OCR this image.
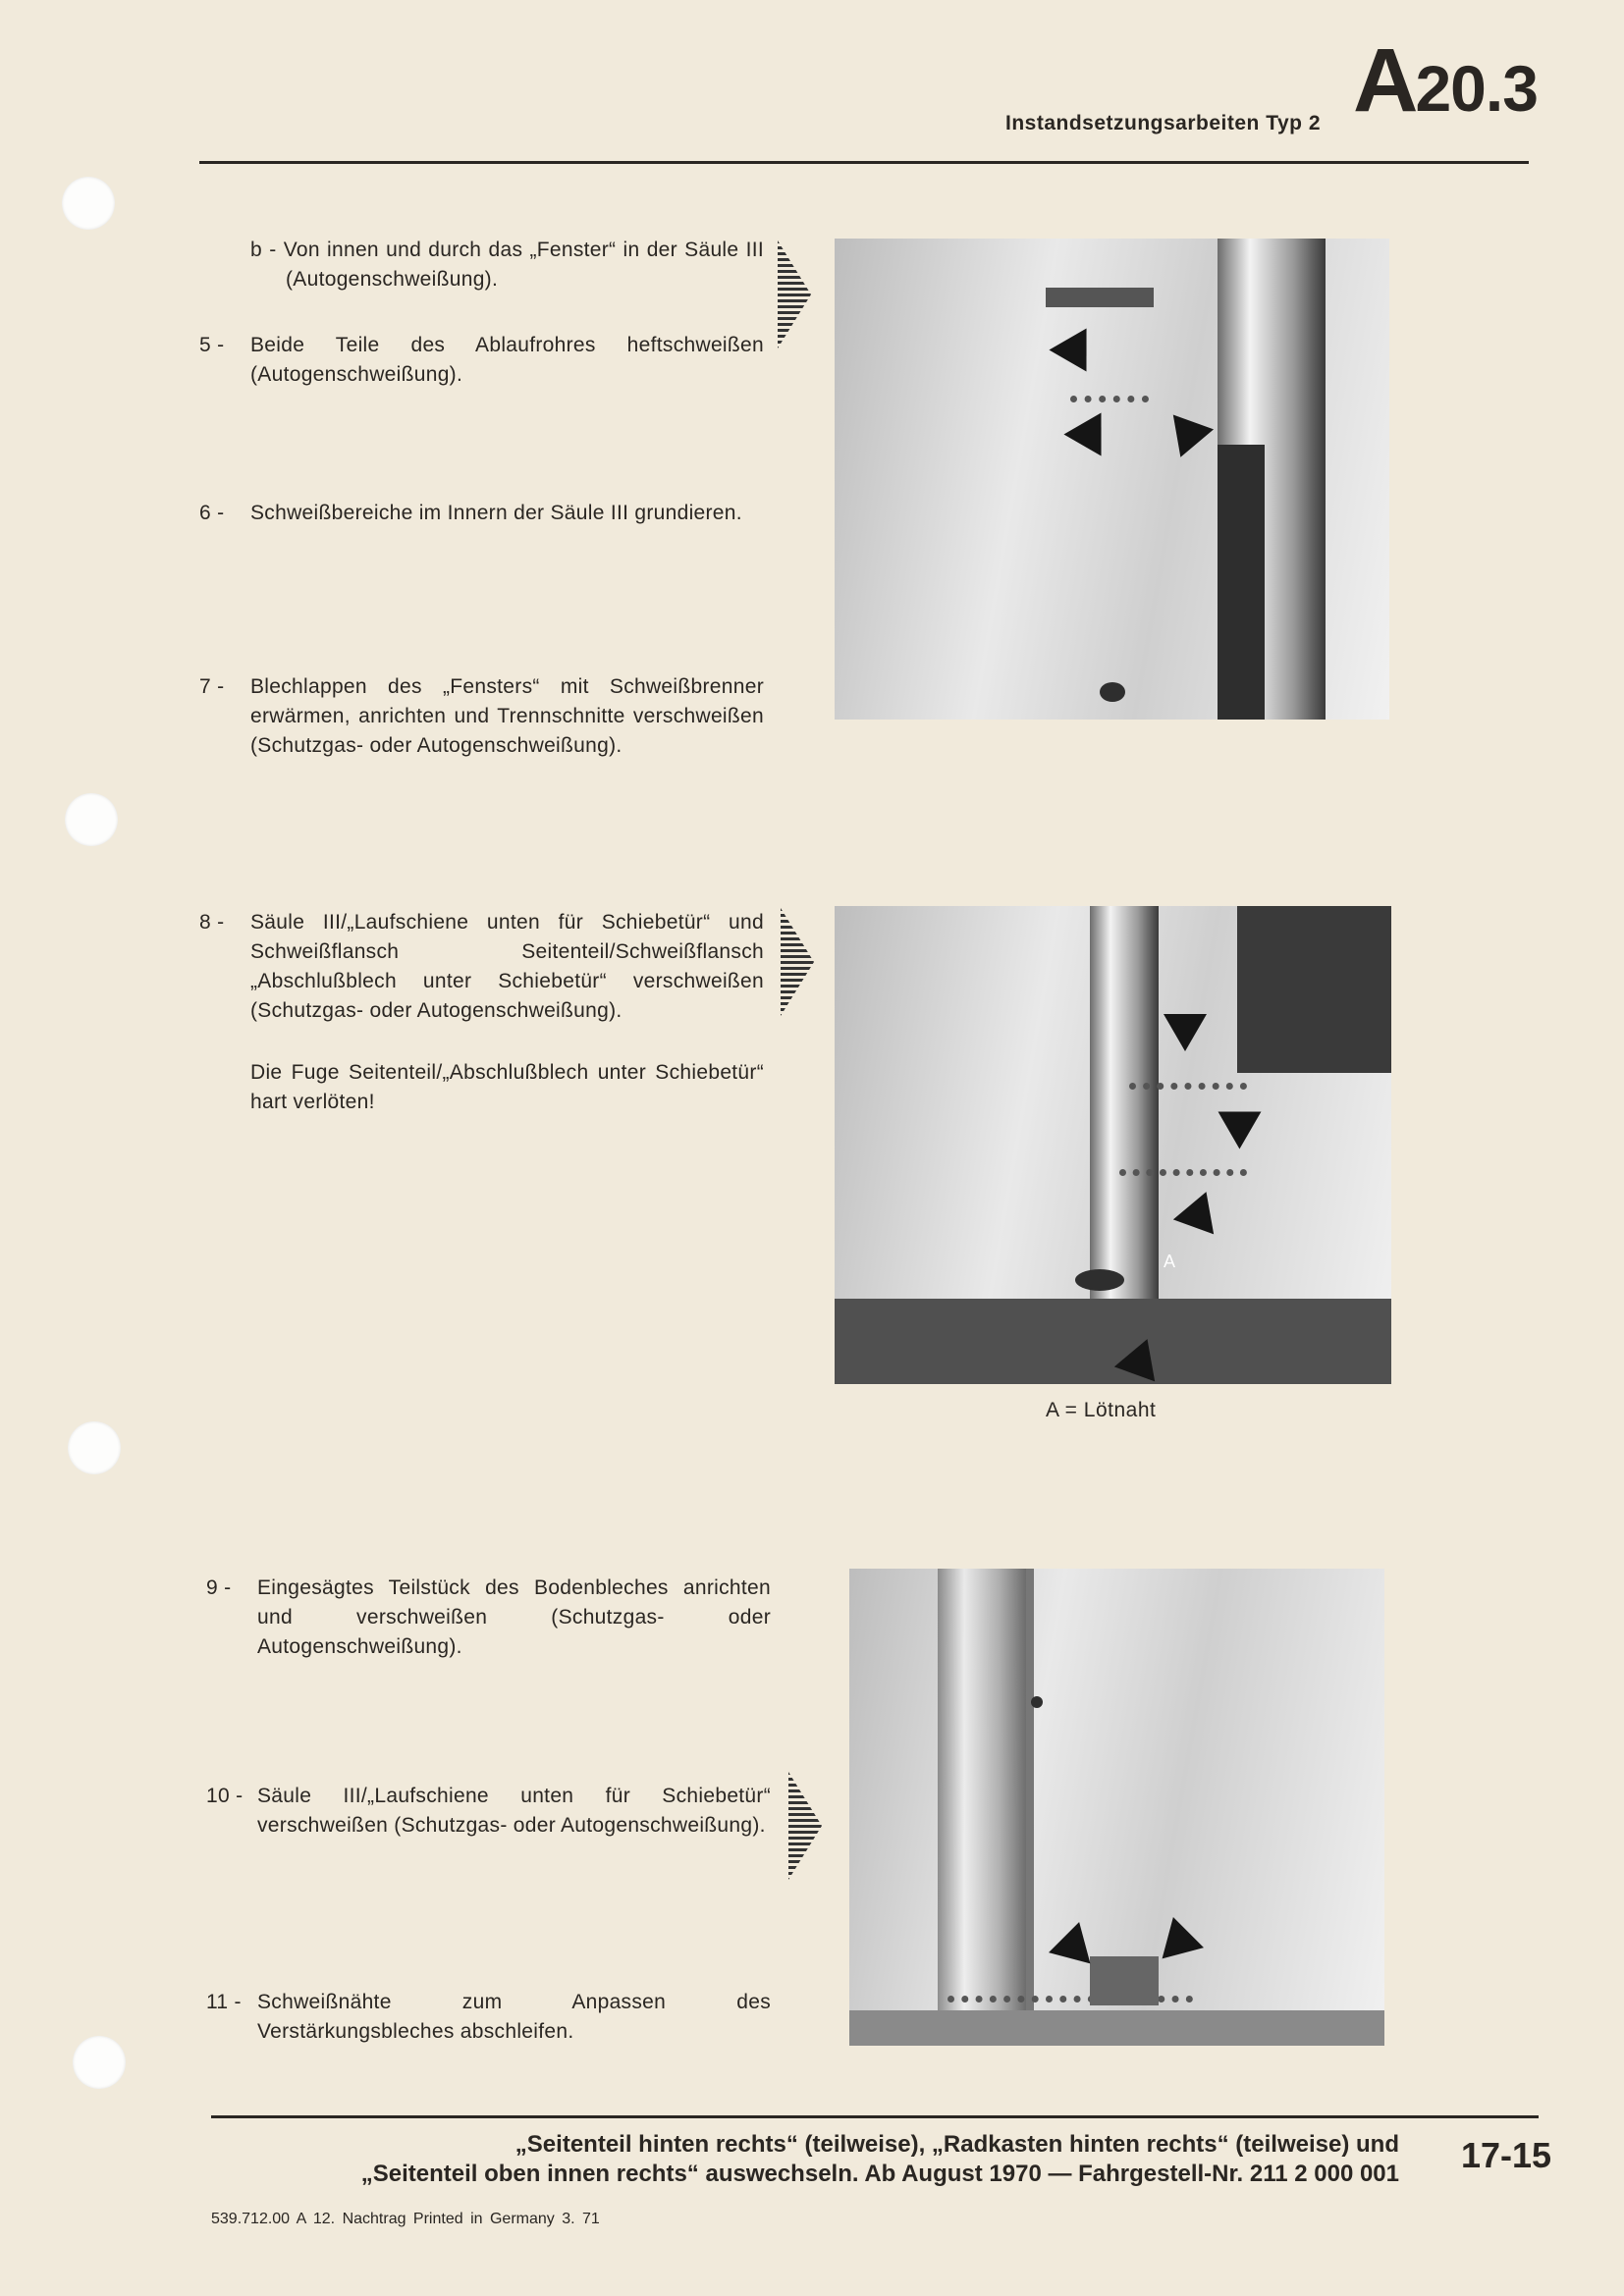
Instandsetzungsarbeiten Typ 2 A20.3
b - Von innen und durch das „Fenster“ in der Säule III (Autogenschweißung).
5 - Beide Teile des Ablaufrohres heftschweißen (Autogenschweißung).
6 - Schweißbereiche im Innern der Säule III grundieren.
7 - Blechlappen des „Fensters“ mit Schweißbrenner erwärmen, anrichten und Trennschnitte verschweißen (Schutzgas- oder Autogenschweißung).
8 - Säule III/„Laufschiene unten für Schiebetür“ und Schweißflansch Seitenteil/Schweißflansch „Abschlußblech unter Schiebetür“ verschweißen (Schutzgas- oder Autogenschweißung).
Die Fuge Seitenteil/„Abschlußblech unter Schiebetür“ hart verlöten!
9 - Eingesägtes Teilstück des Bodenbleches anrichten und verschweißen (Schutzgas- oder Autogenschweißung).
10 - Säule III/„Laufschiene unten für Schiebetür“ verschweißen (Schutzgas- oder Autogenschweißung).
11 - Schweißnähte zum Anpassen des Verstärkungsbleches abschleifen.
A
A = Lötnaht
„Seitenteil hinten rechts“ (teilweise), „Radkasten hinten rechts“ (teilweise) und
„Seitenteil oben innen rechts“ auswechseln. Ab August 1970 — Fahrgestell-Nr. 211 2 000 001 17-15
539.712.00 A 12. Nachtrag Printed in Germany 3. 71
